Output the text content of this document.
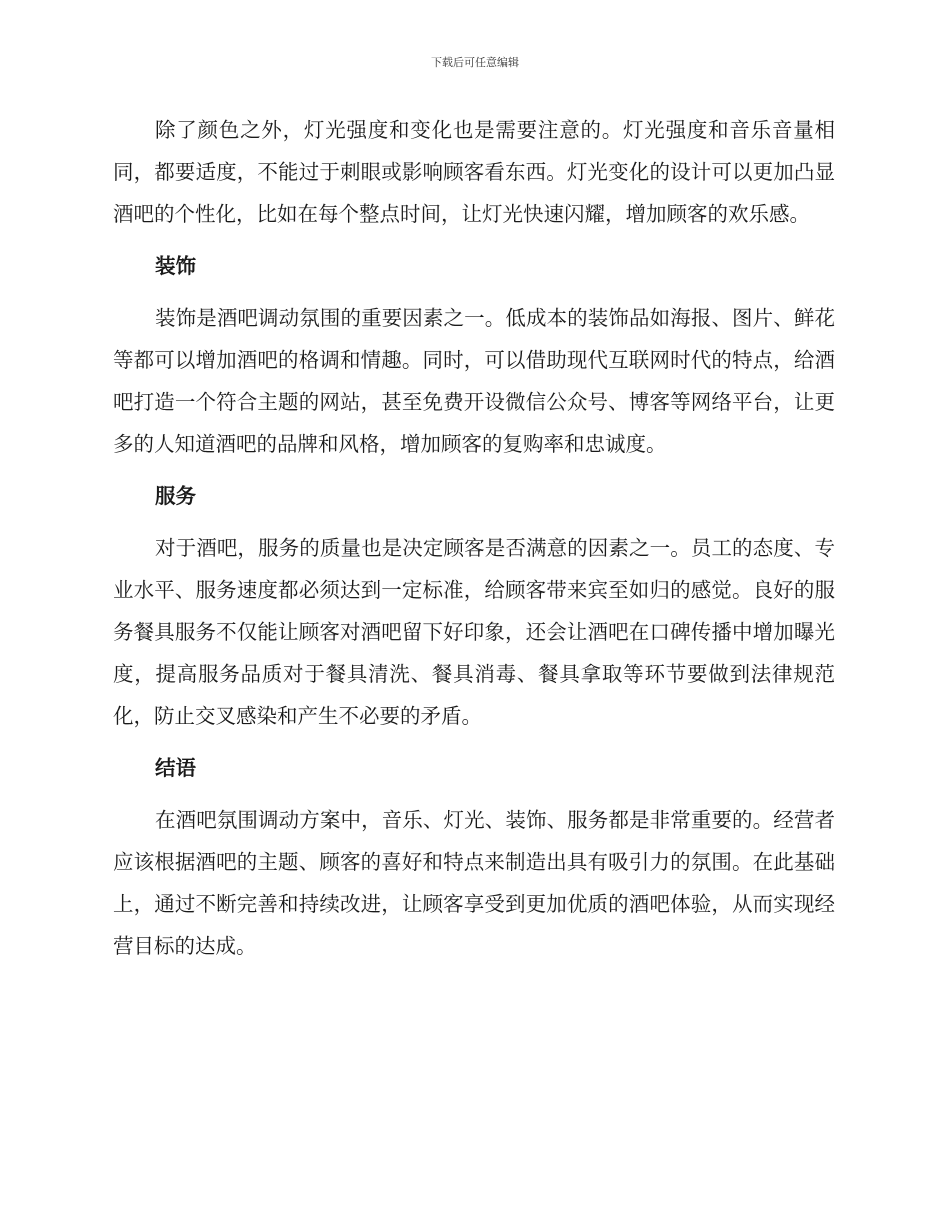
下载后可任意编辑

除了颜色之外，灯光强度和变化也是需要注意的。灯光强度和音乐音量相同，都要适度，不能过于刺眼或影响顾客看东西。灯光变化的设计可以更加凸显酒吧的个性化，比如在每个整点时间，让灯光快速闪耀，增加顾客的欢乐感。

装饰

装饰是酒吧调动氛围的重要因素之一。低成本的装饰品如海报、图片、鲜花等都可以增加酒吧的格调和情趣。同时，可以借助现代互联网时代的特点，给酒吧打造一个符合主题的网站，甚至免费开设微信公众号、博客等网络平台，让更多的人知道酒吧的品牌和风格，增加顾客的复购率和忠诚度。

服务

对于酒吧，服务的质量也是决定顾客是否满意的因素之一。员工的态度、专业水平、服务速度都必须达到一定标准，给顾客带来宾至如归的感觉。良好的服务餐具服务不仅能让顾客对酒吧留下好印象，还会让酒吧在口碑传播中增加曝光度，提高服务品质对于餐具清洗、餐具消毒、餐具拿取等环节要做到法律规范化，防止交叉感染和产生不必要的矛盾。

结语

在酒吧氛围调动方案中，音乐、灯光、装饰、服务都是非常重要的。经营者应该根据酒吧的主题、顾客的喜好和特点来制造出具有吸引力的氛围。在此基础上，通过不断完善和持续改进，让顾客享受到更加优质的酒吧体验，从而实现经营目标的达成。
